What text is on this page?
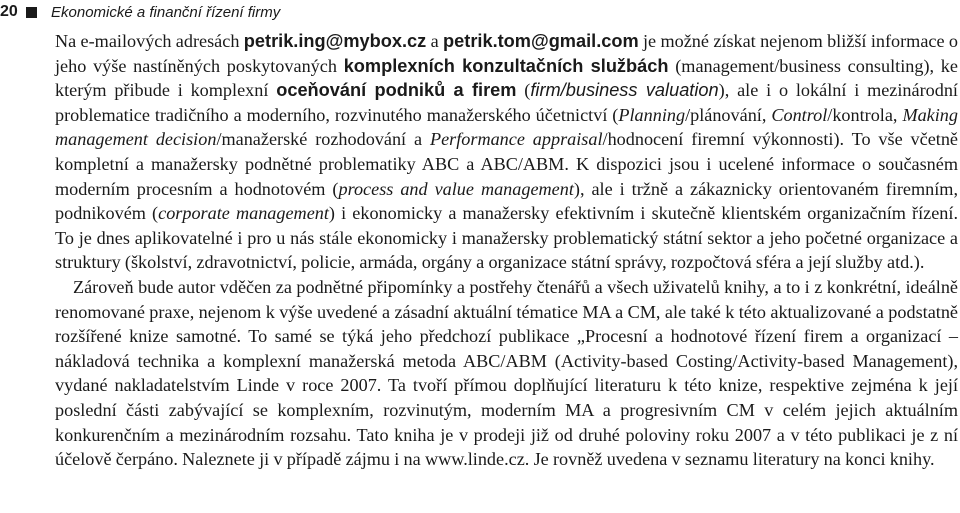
20	Ekonomické a finanční řízení firmy

Na e-mailových adresách petrik.ing@mybox.cz a petrik.tom@gmail.com je možné získat nejenom bližší informace o jeho výše nastíněných poskytovaných komplexních konzultačních službách (management/business consulting), ke kterým přibude i komplexní oceňování podniků a firem (firm/business valuation), ale i o lokální i mezinárodní problematice tradičního a moderního, rozvinutého manažerského účetnictví (Planning/plánování, Control/kontrola, Making management decision/manažerské rozhodování a Performance appraisal/hodnocení firemní výkonnosti). To vše včetně kompletní a manažersky podnětné problematiky ABC a ABC/ABM. K dispozici jsou i ucelené informace o současném moderním procesním a hodnotovém (process and value management), ale i tržně a zákaznicky orientovaném firemním, podnikovém (corporate management) i ekonomicky a manažersky efektivním i skutečně klientském organizačním řízení. To je dnes aplikovatelné i pro u nás stále ekonomicky i manažersky problematický státní sektor a jeho početné organizace a struktury (školství, zdravotnictví, policie, armáda, orgány a organizace státní správy, rozpočtová sféra a její služby atd.).

Zároveň bude autor vděčen za podnětné připomínky a postřehy čtenářů a všech uživatelů knihy, a to i z konkrétní, ideálně renomované praxe, nejenom k výše uvedené a zásadní aktuální tématice MA a CM, ale také k této aktualizované a podstatně rozšířené knize samotné. To samé se týká jeho předchozí publikace „Procesní a hodnotové řízení firem a organizací – nákladová technika a komplexní manažerská metoda ABC/ABM (Activity-based Costing/Activity-based Management), vydané nakladatelstvím Linde v roce 2007. Ta tvoří přímou doplňující literaturu k této knize, respektive zejména k její poslední části zabývající se komplexním, rozvinutým, moderním MA a progresivním CM v celém jejich aktuálním konkurenčním a mezinárodním rozsahu. Tato kniha je v prodeji již od druhé poloviny roku 2007 a v této publikaci je z ní účelově čerpáno. Naleznete ji v případě zájmu i na www.linde.cz. Je rovněž uvedena v seznamu literatury na konci knihy.
